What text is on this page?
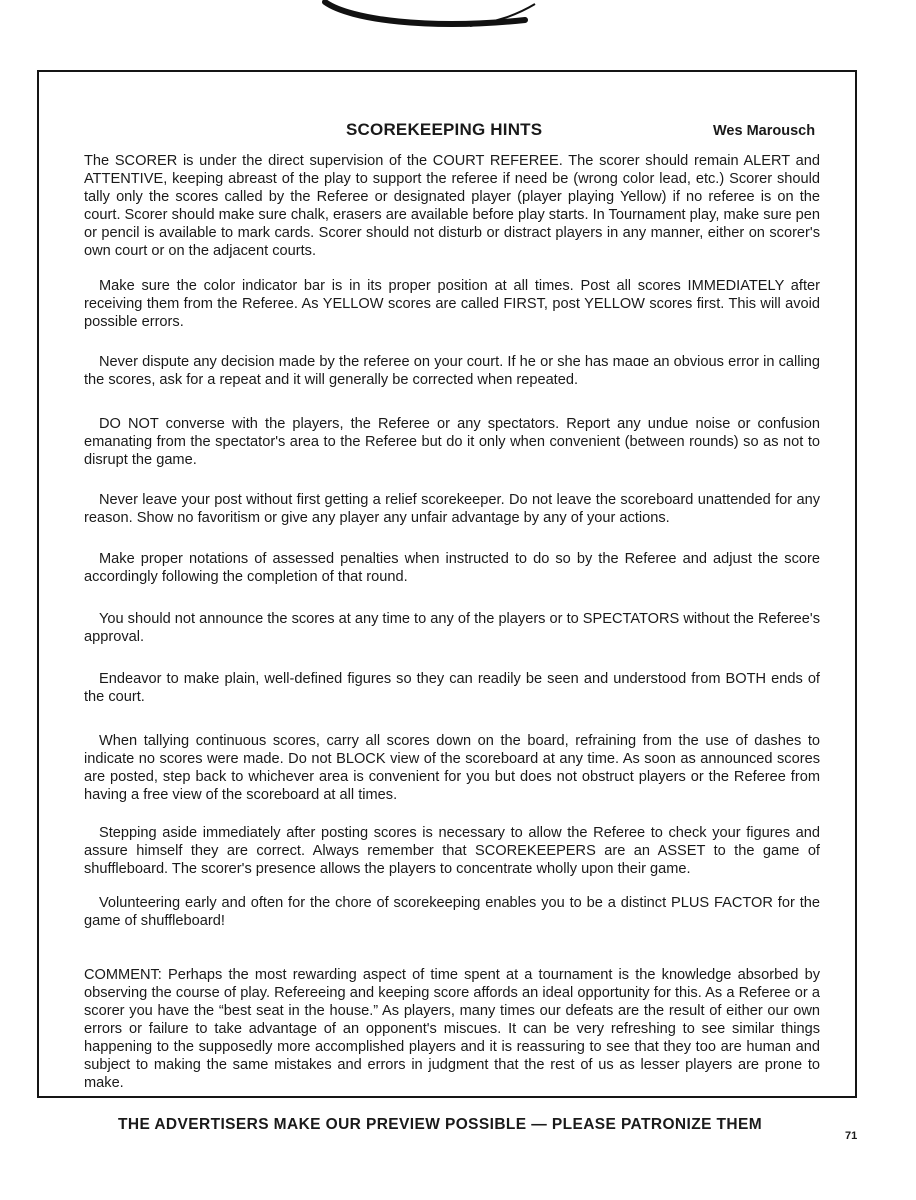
SCOREKEEPING HINTS	Wes Marousch

The SCORER is under the direct supervision of the COURT REFEREE. The scorer should remain ALERT and ATTENTIVE, keeping abreast of the play to support the referee if need be (wrong color lead, etc.) Scorer should tally only the scores called by the Referee or designated player (player playing Yellow) if no referee is on the court. Scorer should make sure chalk, erasers are available before play starts. In Tournament play, make sure pen or pencil is available to mark cards. Scorer should not disturb or distract players in any manner, either on scorer's own court or on the adjacent courts.

Make sure the color indicator bar is in its proper position at all times. Post all scores IMMEDIATELY after receiving them from the Referee. As YELLOW scores are called FIRST, post YELLOW scores first. This will avoid possible errors.

Never dispute any decision made by the referee on your court. If he or she has maɑe an obvious error in calling the scores, ask for a repeat and it will generally be corrected when repeated.

DO NOT converse with the players, the Referee or any spectators. Report any undue noise or confusion emanating from the spectator's area to the Referee but do it only when convenient (between rounds) so as not to disrupt the game.

Never leave your post without first getting a relief scorekeeper. Do not leave the scoreboard unattended for any reason. Show no favoritism or give any player any unfair advantage by any of your actions.

Make proper notations of assessed penalties when instructed to do so by the Referee and adjust the score accordingly following the completion of that round.

You should not announce the scores at any time to any of the players or to SPECTATORS without the Referee's approval.

Endeavor to make plain, well-defined figures so they can readily be seen and understood from BOTH ends of the court.

When tallying continuous scores, carry all scores down on the board, refraining from the use of dashes to indicate no scores were made. Do not BLOCK view of the scoreboard at any time. As soon as announced scores are posted, step back to whichever area is convenient for you but does not obstruct players or the Referee from having a free view of the scoreboard at all times.

Stepping aside immediately after posting scores is necessary to allow the Referee to check your figures and assure himself they are correct. Always remember that SCOREKEEPERS are an ASSET to the game of shuffleboard. The scorer's presence allows the players to concentrate wholly upon their game.

Volunteering early and often for the chore of scorekeeping enables you to be a distinct PLUS FACTOR for the game of shuffleboard!

COMMENT: Perhaps the most rewarding aspect of time spent at a tournament is the knowledge absorbed by observing the course of play. Refereeing and keeping score affords an ideal opportunity for this. As a Referee or a scorer you have the “best seat in the house.” As players, many times our defeats are the result of either our own errors or failure to take advantage of an opponent's miscues. It can be very refreshing to see similar things happening to the supposedly more accomplished players and it is reassuring to see that they too are human and subject to making the same mistakes and errors in judgment that the rest of us as lesser players are prone to make.

THE ADVERTISERS MAKE OUR PREVIEW POSSIBLE — PLEASE PATRONIZE THEM

71
